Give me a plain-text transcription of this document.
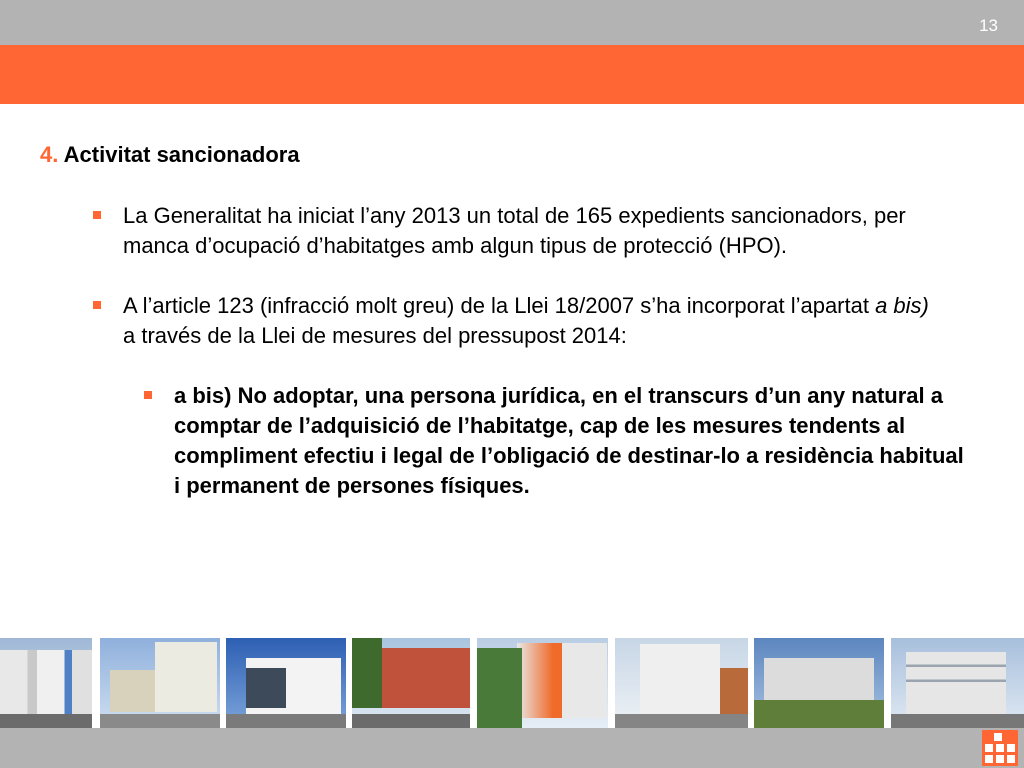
13

4. Activitat sancionadora

La Generalitat ha iniciat l’any 2013 un total de 165 expedients sancionadors, per manca d’ocupació d’habitatges amb algun tipus de protecció (HPO).
A l’article 123 (infracció molt greu) de la Llei 18/2007 s’ha incorporat l’apartat a bis) a través de la Llei de mesures del pressupost 2014:
a bis) No adoptar, una persona jurídica, en el transcurs d’un any natural a comptar de l’adquisició de l’habitatge, cap de les mesures tendents al compliment efectiu i legal de l’obligació de destinar-lo a residència habitual i permanent de persones físiques.
